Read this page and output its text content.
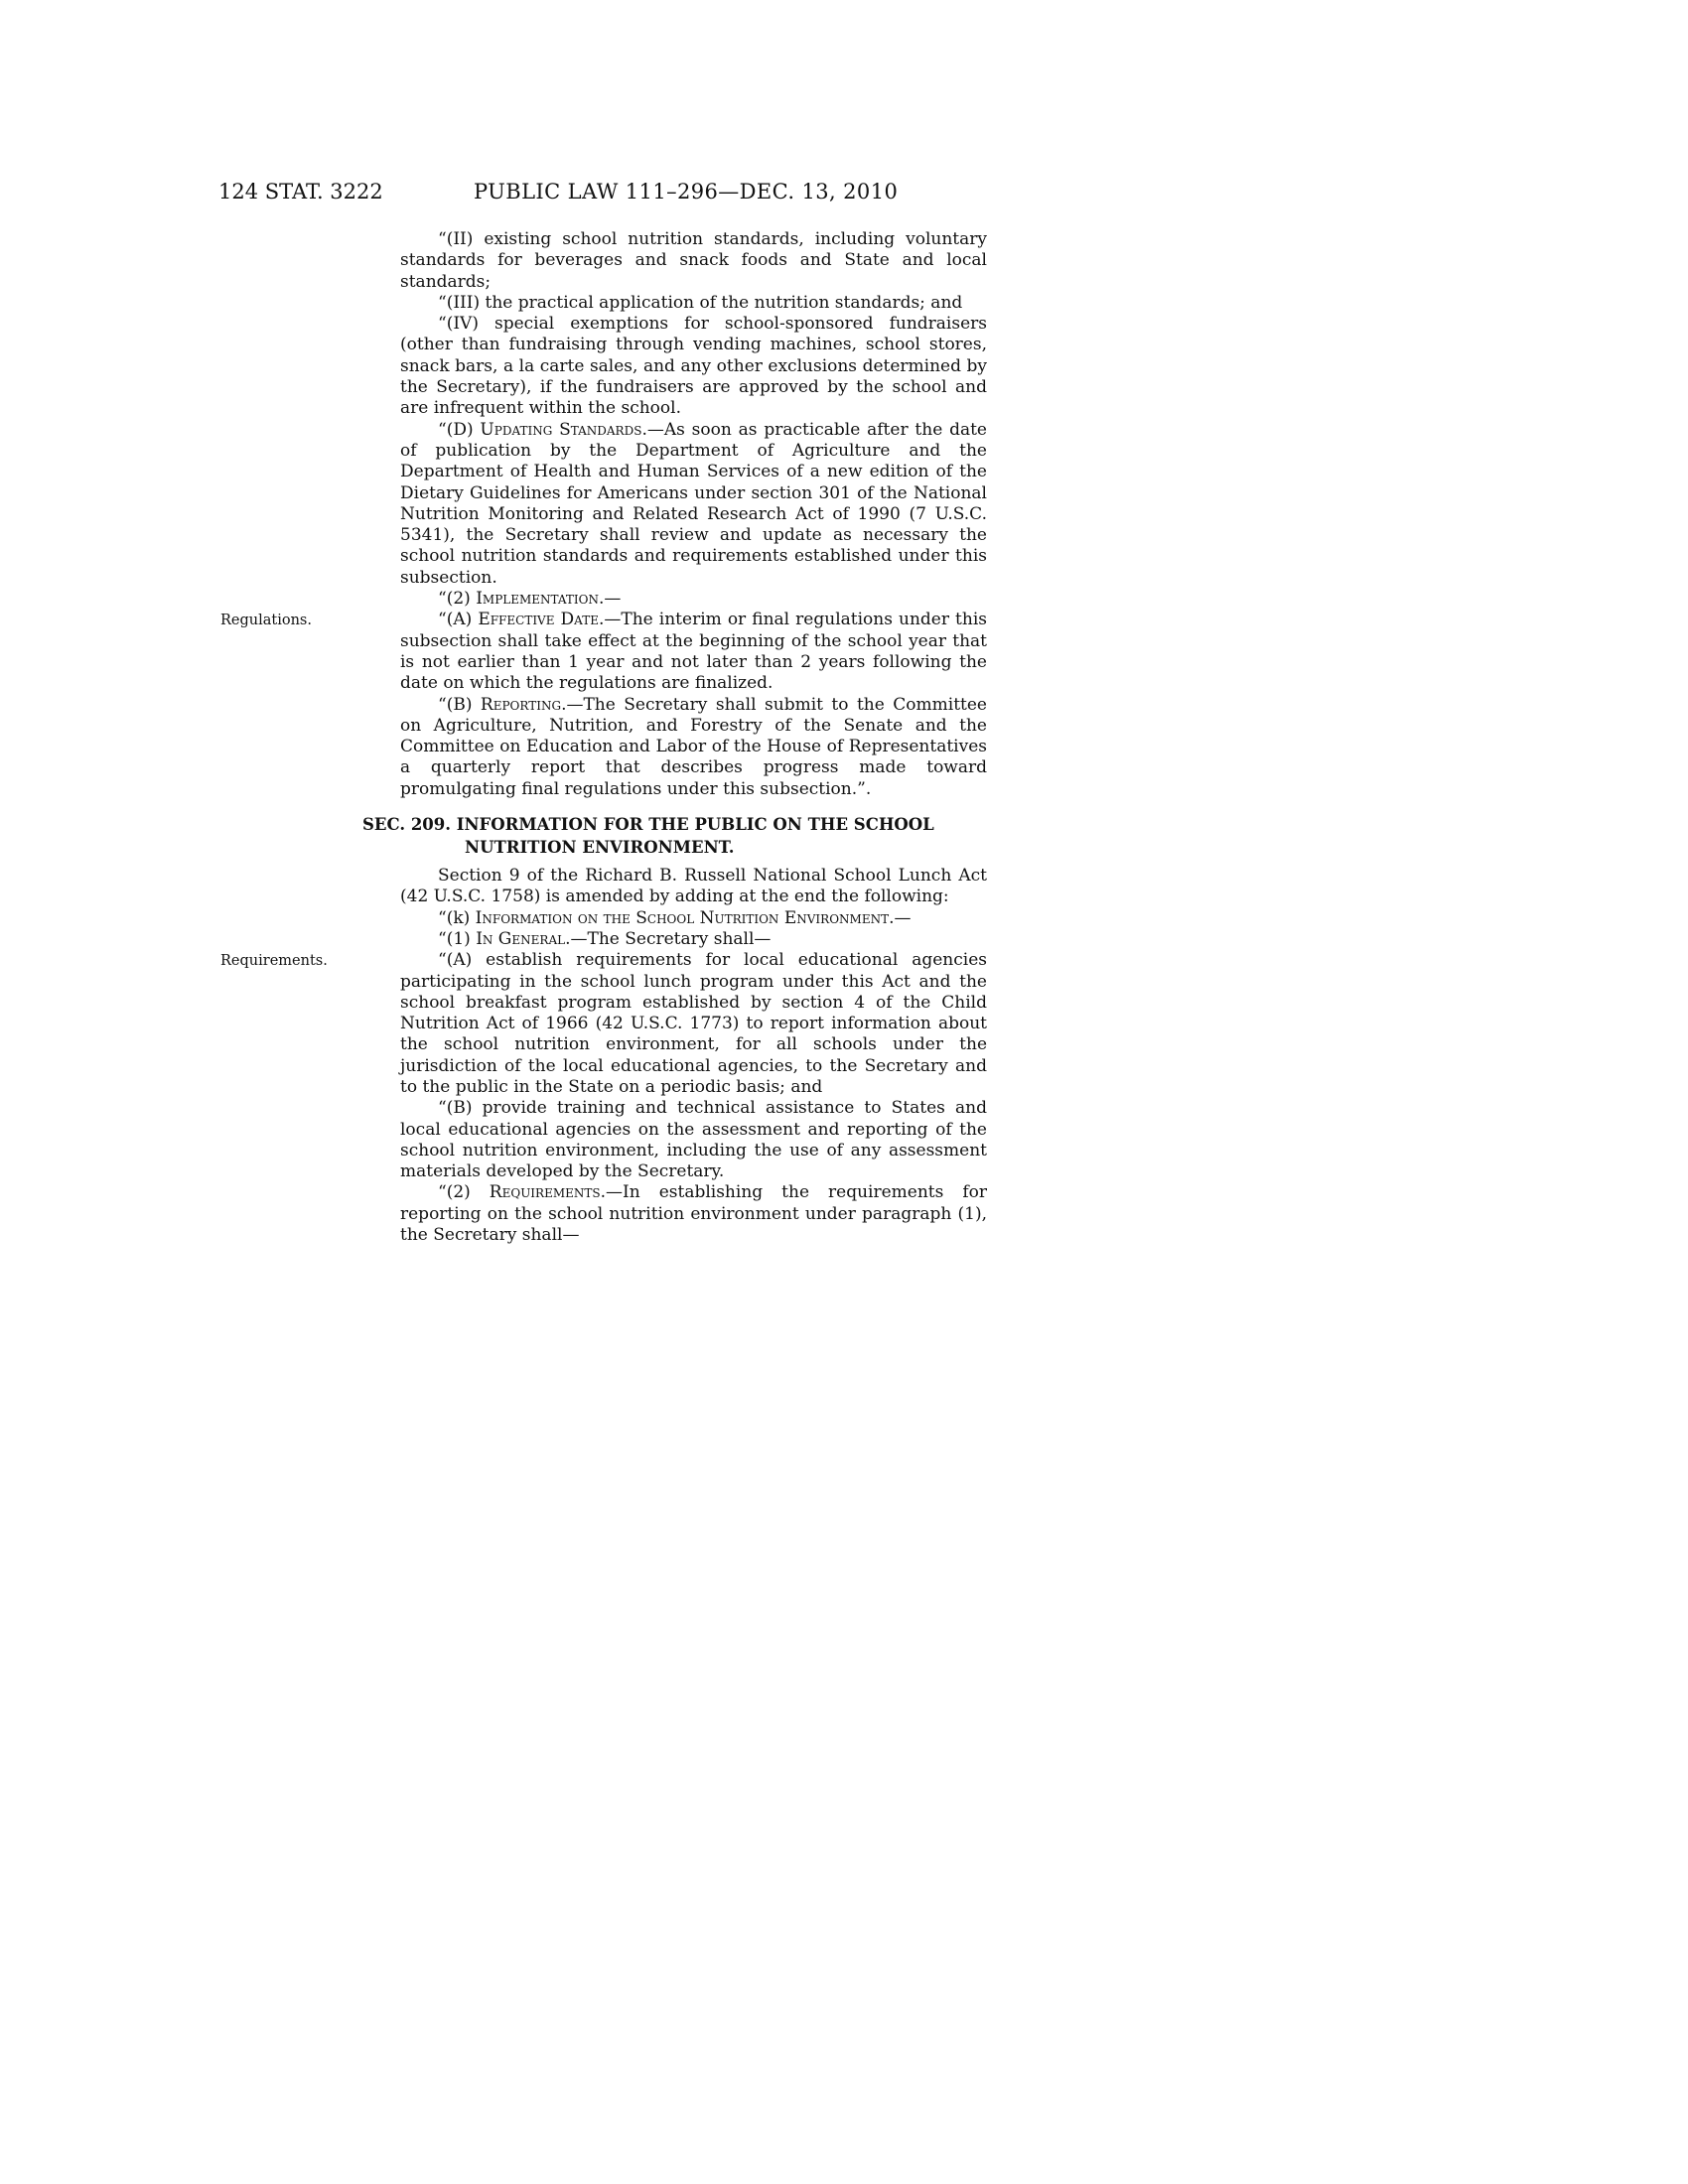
124 STAT. 3222	PUBLIC LAW 111–296—DEC. 13, 2010

“(II) existing school nutrition standards, including voluntary standards for beverages and snack foods and State and local standards;

“(III) the practical application of the nutrition standards; and

“(IV) special exemptions for school-sponsored fundraisers (other than fundraising through vending machines, school stores, snack bars, a la carte sales, and any other exclusions determined by the Secretary), if the fundraisers are approved by the school and are infrequent within the school.

“(D) Updating Standards.—As soon as practicable after the date of publication by the Department of Agriculture and the Department of Health and Human Services of a new edition of the Dietary Guidelines for Americans under section 301 of the National Nutrition Monitoring and Related Research Act of 1990 (7 U.S.C. 5341), the Secretary shall review and update as necessary the school nutrition standards and requirements established under this subsection.

“(2) Implementation.—

“(A) Effective Date.—The interim or final regulations under this subsection shall take effect at the beginning of the school year that is not earlier than 1 year and not later than 2 years following the date on which the regulations are finalized.

“(B) Reporting.—The Secretary shall submit to the Committee on Agriculture, Nutrition, and Forestry of the Senate and the Committee on Education and Labor of the House of Representatives a quarterly report that describes progress made toward promulgating final regulations under this subsection.”.

SEC. 209. INFORMATION FOR THE PUBLIC ON THE SCHOOL NUTRITION ENVIRONMENT.

Section 9 of the Richard B. Russell National School Lunch Act (42 U.S.C. 1758) is amended by adding at the end the following:

“(k) Information on the School Nutrition Environment.—

“(1) In General.—The Secretary shall—

“(A) establish requirements for local educational agencies participating in the school lunch program under this Act and the school breakfast program established by section 4 of the Child Nutrition Act of 1966 (42 U.S.C. 1773) to report information about the school nutrition environment, for all schools under the jurisdiction of the local educational agencies, to the Secretary and to the public in the State on a periodic basis; and

“(B) provide training and technical assistance to States and local educational agencies on the assessment and reporting of the school nutrition environment, including the use of any assessment materials developed by the Secretary.

“(2) Requirements.—In establishing the requirements for reporting on the school nutrition environment under paragraph (1), the Secretary shall—

Regulations.
Requirements.
